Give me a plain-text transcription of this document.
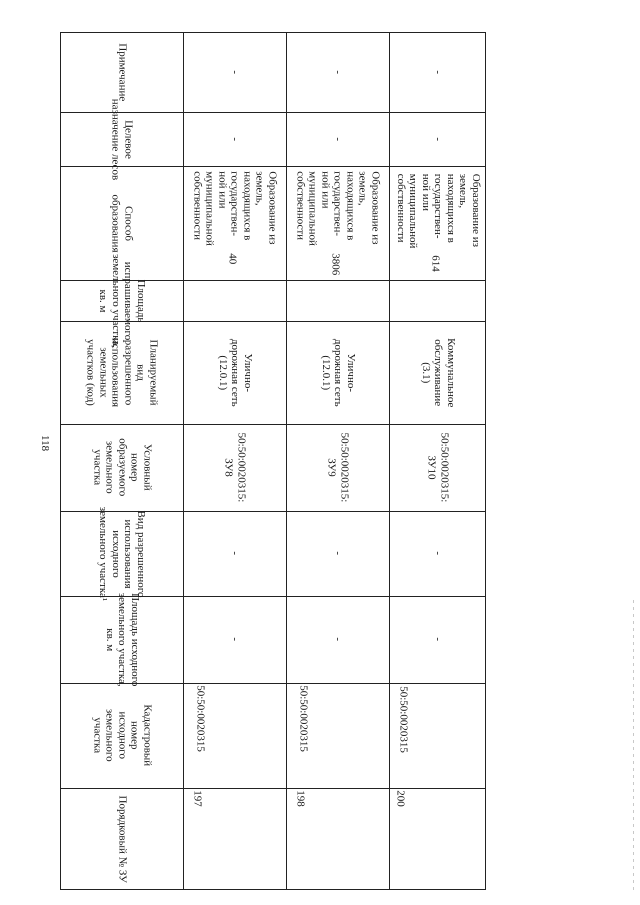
118
Примечание
Целевое
назначение лесов
Способ
образования
Площадь
испрашиваемого
земельного участка,
кв. м
Планируемый
вид
разрешенного
использования
земельных
участков (код)
Условный
номер
образуемого
земельного
участка
Вид разрешенного
использования
исходного
земельного участка¹
Площадь исходного
земельного участка,
кв. м
Кадастровый
номер
исходного
земельного
участка
Порядковый № ЗУ
-
-
Образование из
земель,
находящихся в
государствен-
ной или
муниципальной
собственности
40
Улично-
дорожная сеть
(12.0.1)
50:50:0020315:
ЗУ8
-
-
50:50:0020315
197
-
-
Образование из
земель,
находящихся в
государствен-
ной или
муниципальной
собственности
3806
Улично-
дорожная сеть
(12.0.1)
50:50:0020315:
ЗУ9
-
-
50:50:0020315
198
-
-
Образование из
земель,
находящихся в
государствен-
ной или
муниципальной
собственности
614
Коммунальное
обслуживание
(3.1)
50:50:0020315:
ЗУ10
-
-
50:50:0020315
200
